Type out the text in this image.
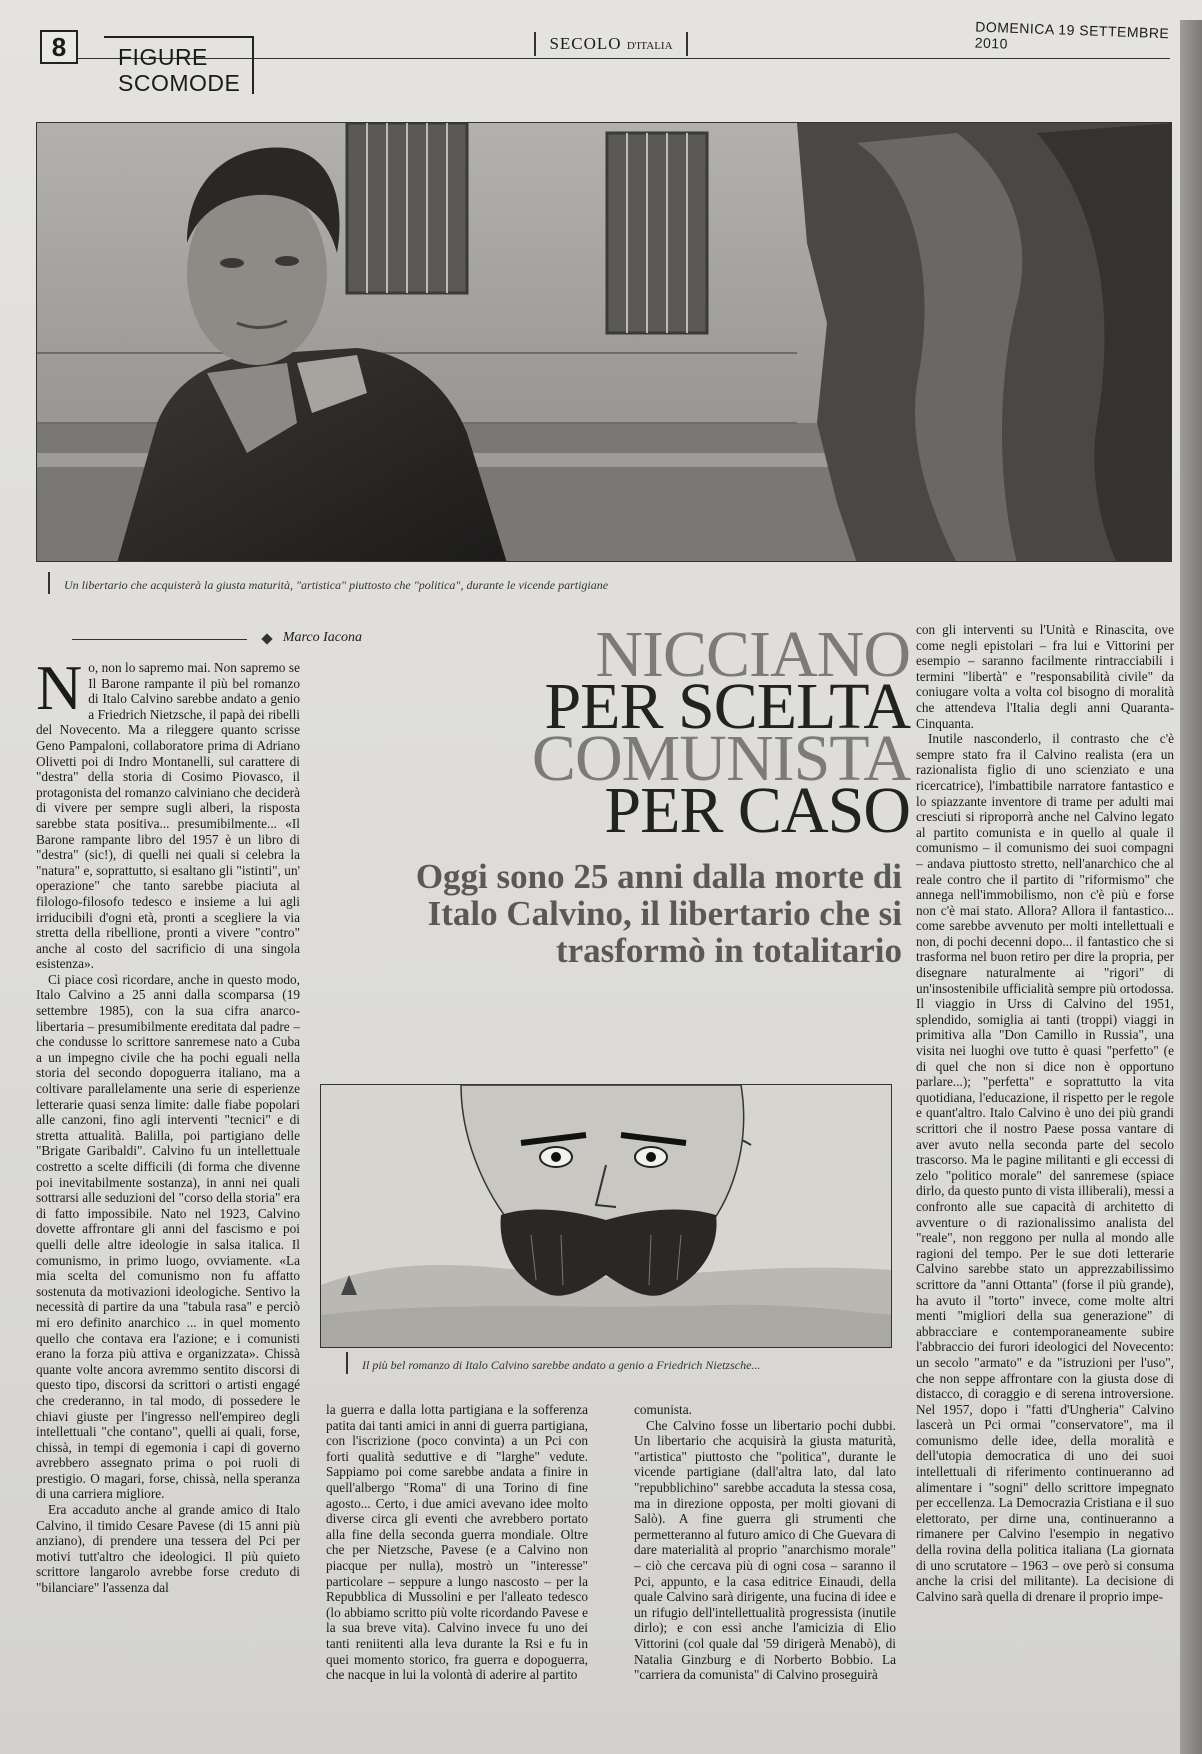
8	FIGURE
SCOMODE
SECOLO D'ITALIA
DOMENICA 19 SETTEMBRE 2010
Un libertario che acquisterà la giusta maturità, "artistica" piuttosto che "politica", durante le vicende partigiane
Marco Iacona	NICCIANO
PER SCELTA
COMUNISTA
PER CASO
Oggi sono 25 anni dalla morte di Italo Calvino, il libertario che si trasformò in totalitario

No, non lo sapremo mai. Non sapremo se Il Barone rampante il più bel romanzo di Italo Calvino sarebbe andato a genio a Friedrich Nietzsche, il papà dei ribelli del Novecento. Ma a rileggere quanto scrisse Geno Pampaloni, collaboratore prima di Adriano Olivetti poi di Indro Montanelli, sul carattere di "destra" della storia di Cosimo Piovasco, il protagonista del romanzo calviniano che deciderà di vivere per sempre sugli alberi, la risposta sarebbe stata positiva... presumibilmente... «Il Barone rampante libro del 1957 è un libro di "destra" (sic!), di quelli nei quali si celebra la "natura" e, soprattutto, si esaltano gli "istinti", un' operazione" che tanto sarebbe piaciuta al filologo-filosofo tedesco e insieme a lui agli irriducibili d'ogni età, pronti a scegliere la via stretta della ribellione, pronti a vivere "contro" anche al costo del sacrificio di una singola esistenza».

Ci piace così ricordare, anche in questo modo, Italo Calvino a 25 anni dalla scomparsa (19 settembre 1985), con la sua cifra anarco-libertaria – presumibilmente ereditata dal padre – che condusse lo scrittore sanremese nato a Cuba a un impegno civile che ha pochi eguali nella storia del secondo dopoguerra italiano, ma a coltivare parallelamente una serie di esperienze letterarie quasi senza limite: dalle fiabe popolari alle canzoni, fino agli interventi "tecnici" e di stretta attualità. Balilla, poi partigiano delle "Brigate Garibaldi". Calvino fu un intellettuale costretto a scelte difficili (di forma che divenne poi inevitabilmente sostanza), in anni nei quali sottrarsi alle seduzioni del "corso della storia" era di fatto impossibile. Nato nel 1923, Calvino dovette affrontare gli anni del fascismo e poi quelli delle altre ideologie in salsa italica. Il comunismo, in primo luogo, ovviamente. «La mia scelta del comunismo non fu affatto sostenuta da motivazioni ideologiche. Sentivo la necessità di partire da una "tabula rasa" e perciò mi ero definito anarchico ... in quel momento quello che contava era l'azione; e i comunisti erano la forza più attiva e organizzata». Chissà quante volte ancora avremmo sentito discorsi di questo tipo, discorsi da scrittori o artisti engagé che crederanno, in tal modo, di possedere le chiavi giuste per l'ingresso nell'empireo degli intellettuali "che contano", quelli ai quali, forse, chissà, in tempi di egemonia i capi di governo avrebbero assegnato prima o poi ruoli di prestigio. O magari, forse, chissà, nella speranza di una carriera migliore.

Era accaduto anche al grande amico di Italo Calvino, il timido Cesare Pavese (di 15 anni più anziano), di prendere una tessera del Pci per motivi tutt'altro che ideologici. Il più quieto scrittore langarolo avrebbe forse creduto di "bilanciare" l'assenza dal

Il più bel romanzo di Italo Calvino sarebbe andato a genio a Friedrich Nietzsche...

la guerra e dalla lotta partigiana e la sofferenza patita dai tanti amici in anni di guerra partigiana, con l'iscrizione (poco convinta) a un Pci con forti qualità seduttive e di "larghe" vedute. Sappiamo poi come sarebbe andata a finire in quell'albergo "Roma" di una Torino di fine agosto... Certo, i due amici avevano idee molto diverse circa gli eventi che avrebbero portato alla fine della seconda guerra mondiale. Oltre che per Nietzsche, Pavese (e a Calvino non piacque per nulla), mostrò un "interesse" particolare – seppure a lungo nascosto – per la Repubblica di Mussolini e per l'alleato tedesco (lo abbiamo scritto più volte ricordando Pavese e la sua breve vita). Calvino invece fu uno dei tanti reniitenti alla leva durante la Rsi e fu in quei momento storico, fra guerra e dopoguerra, che nacque in lui la volontà di aderire al partito

comunista.

Che Calvino fosse un libertario pochi dubbi. Un libertario che acquisirà la giusta maturità, "artistica" piuttosto che "politica", durante le vicende partigiane (dall'altra lato, dal lato "repubblichino" sarebbe accaduta la stessa cosa, ma in direzione opposta, per molti giovani di Salò). A fine guerra gli strumenti che permetteranno al futuro amico di Che Guevara di dare materialità al proprio "anarchismo morale" – ciò che cercava più di ogni cosa – saranno il Pci, appunto, e la casa editrice Einaudi, della quale Calvino sarà dirigente, una fucina di idee e un rifugio dell'intellettualità progressista (inutile dirlo); e con essi anche l'amicizia di Elio Vittorini (col quale dal '59 dirigerà Menabò), di Natalia Ginzburg e di Norberto Bobbio. La "carriera da comunista" di Calvino proseguirà

con gli interventi su l'Unità e Rinascita, ove come negli epistolari – fra lui e Vittorini per esempio – saranno facilmente rintracciabili i termini "libertà" e "responsabilità civile" da coniugare volta a volta col bisogno di moralità che attendeva l'Italia degli anni Quaranta-Cinquanta.

Inutile nasconderlo, il contrasto che c'è sempre stato fra il Calvino realista (era un razionalista figlio di uno scienziato e una ricercatrice), l'imbattibile narratore fantastico e lo spiazzante inventore di trame per adulti mai cresciuti si riproporrà anche nel Calvino legato al partito comunista e in quello al quale il comunismo – il comunismo dei suoi compagni – andava piuttosto stretto, nell'anarchico che al reale contro che il partito di "riformismo" che annega nell'immobilismo, non c'è più e forse non c'è mai stato. Allora? Allora il fantastico... come sarebbe avvenuto per molti intellettuali e non, di pochi decenni dopo... il fantastico che si trasforma nel buon retiro per dire la propria, per disegnare naturalmente ai "rigori" di un'insostenibile ufficialità sempre più ortodossa. Il viaggio in Urss di Calvino del 1951, splendido, somiglia ai tanti (troppi) viaggi in primitiva alla "Don Camillo in Russia", una visita nei luoghi ove tutto è quasi "perfetto" (e di quel che non si dice non è opportuno parlare...); "perfetta" e soprattutto la vita quotidiana, l'educazione, il rispetto per le regole e quant'altro. Italo Calvino è uno dei più grandi scrittori che il nostro Paese possa vantare di aver avuto nella seconda parte del secolo trascorso. Ma le pagine militanti e gli eccessi di zelo "politico morale" del sanremese (spiace dirlo, da questo punto di vista illiberali), messi a confronto alle sue capacità di architetto di avventure o di razionalissimo analista del "reale", non reggono per nulla al mondo alle ragioni del tempo. Per le sue doti letterarie Calvino sarebbe stato un apprezzabilissimo scrittore da "anni Ottanta" (forse il più grande), ha avuto il "torto" invece, come molte altri menti "migliori della sua generazione" di abbracciare e contemporaneamente subire l'abbraccio dei furori ideologici del Novecento: un secolo "armato" e da "istruzioni per l'uso", che non seppe affrontare con la giusta dose di distacco, di coraggio e di serena introversione. Nel 1957, dopo i "fatti d'Ungheria" Calvino lascerà un Pci ormai "conservatore", ma il comunismo delle idee, della moralità e dell'utopia democratica di uno dei suoi intellettuali di riferimento continueranno ad alimentare i "sogni" dello scrittore impegnato per eccellenza. La Democrazia Cristiana e il suo elettorato, per dirne una, continueranno a rimanere per Calvino l'esempio in negativo della rovina della politica italiana (La giornata di uno scrutatore – 1963 – ove però si consuma anche la crisi del militante). La decisione di Calvino sarà quella di drenare il proprio impe-
